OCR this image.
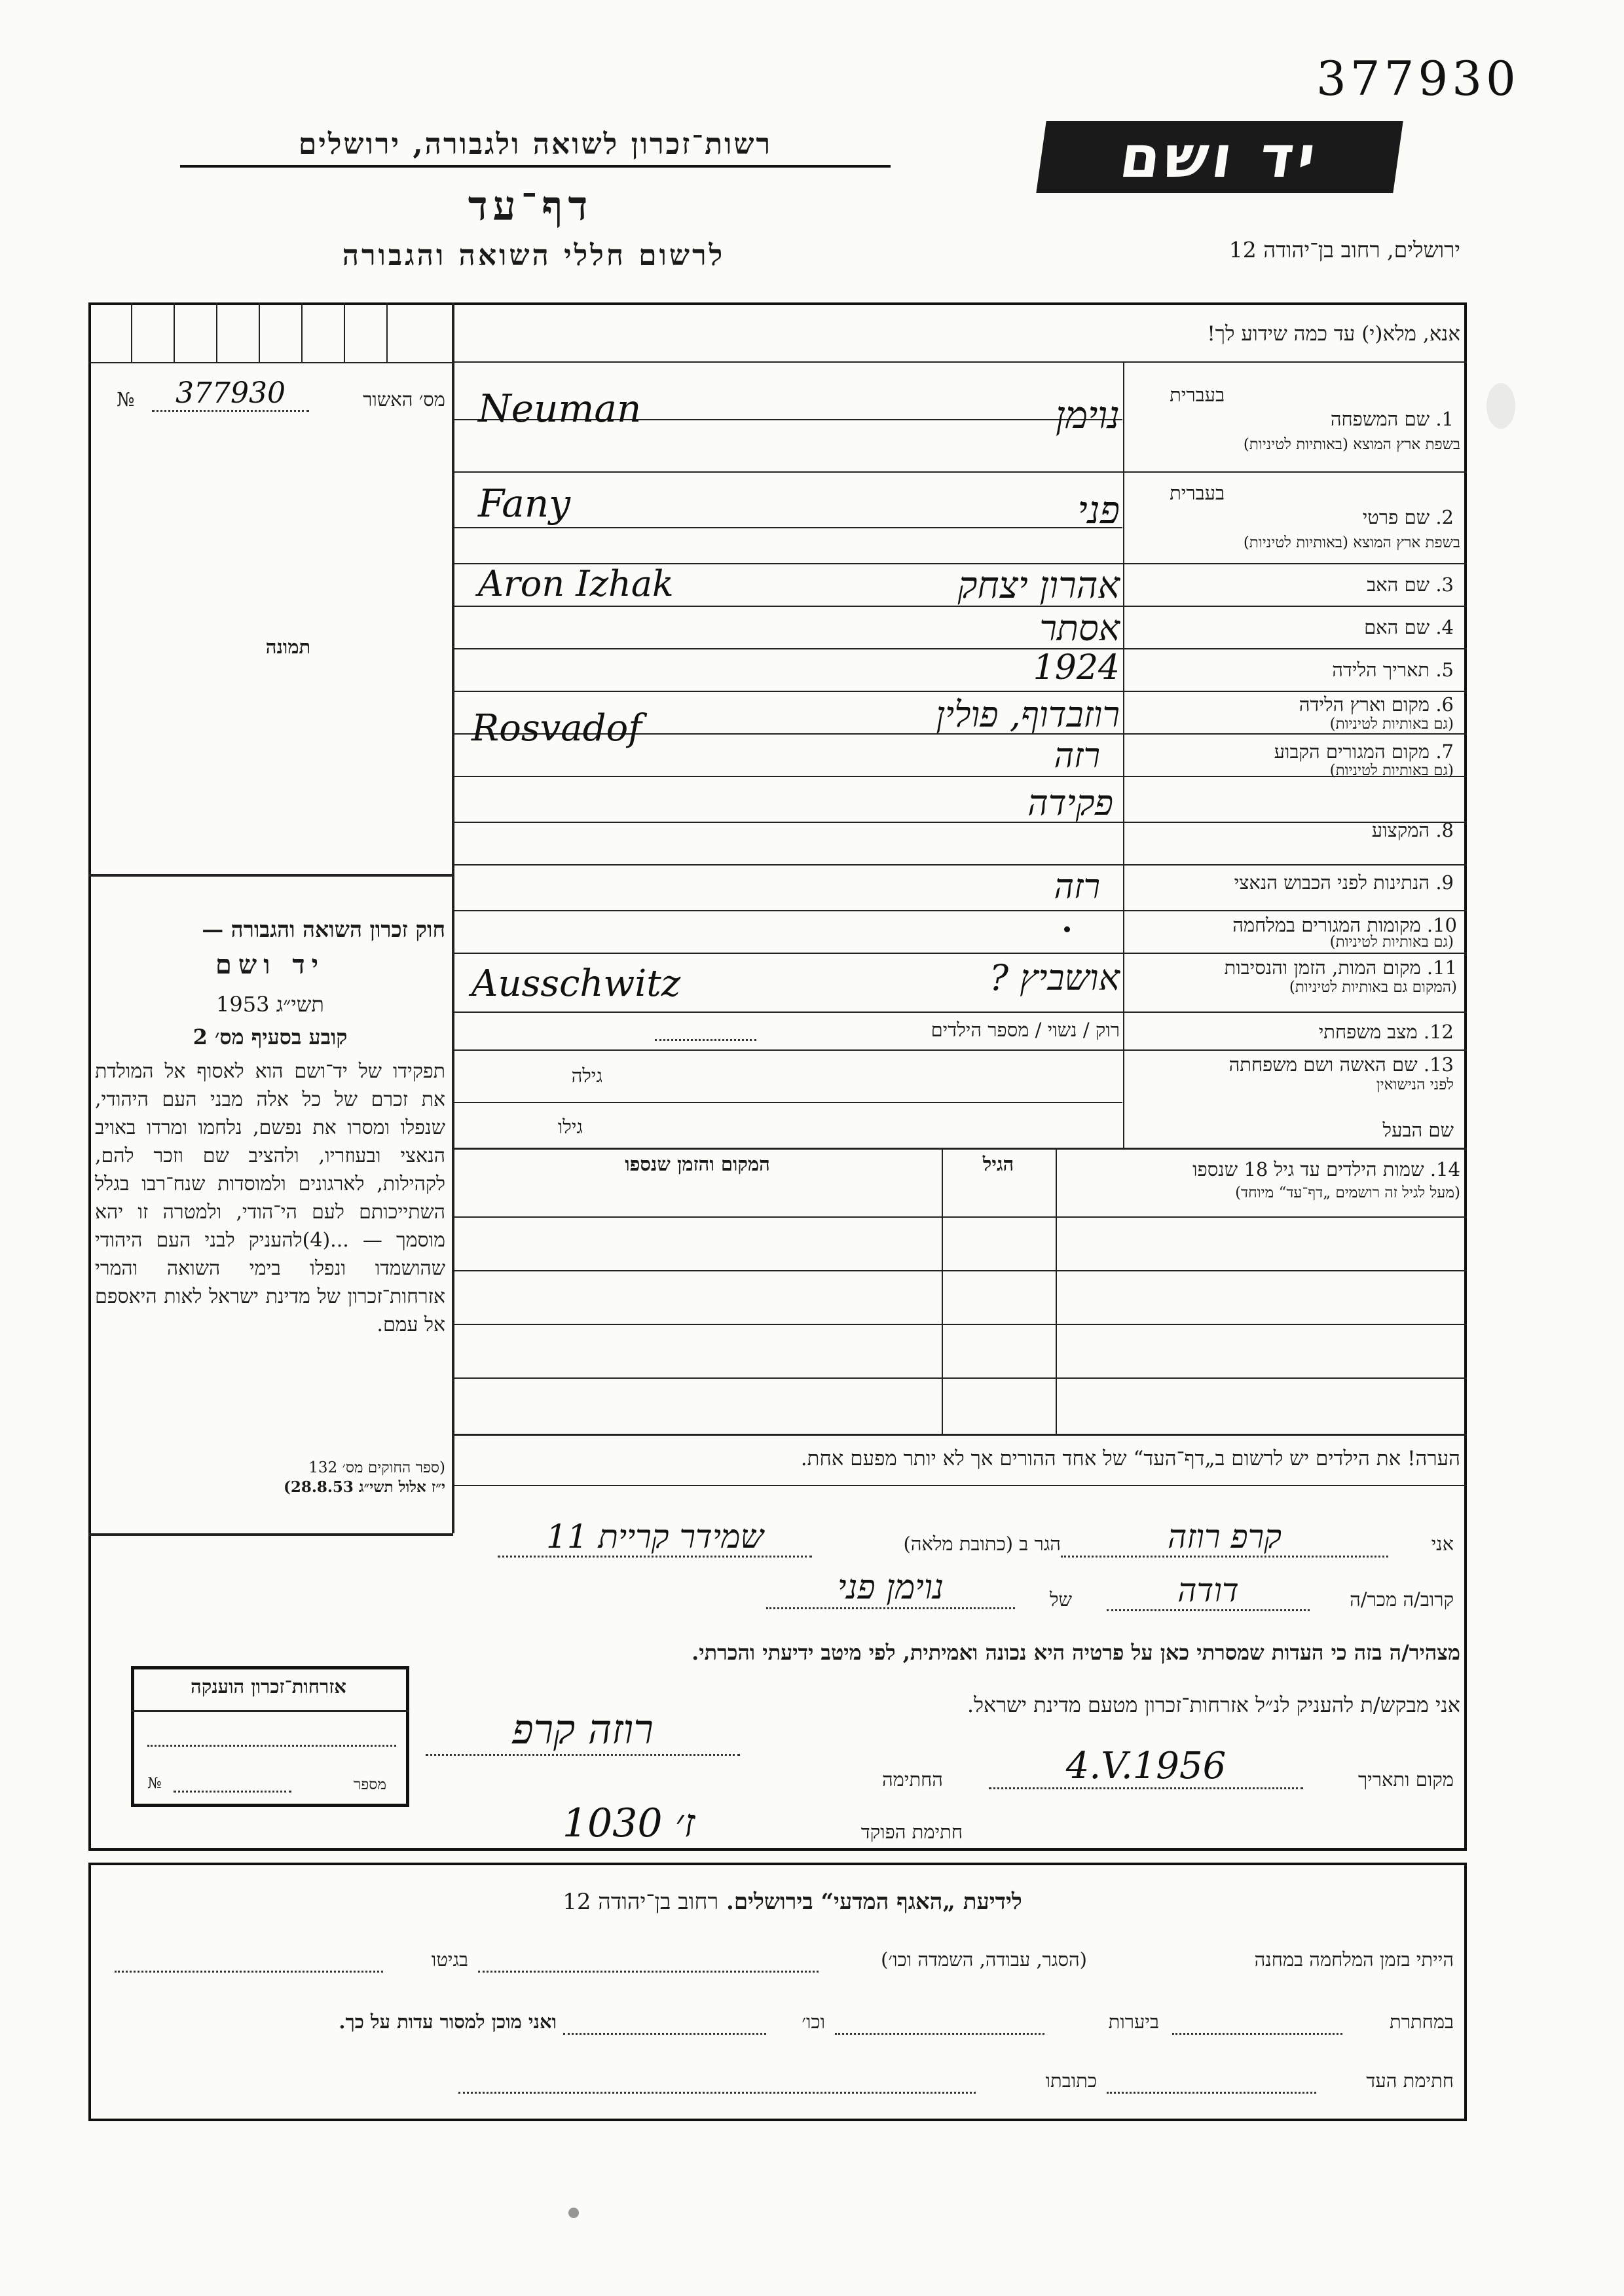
377930
רשות־זכרון לשואה ולגבורה, ירושלים
דף־עד
לרשום חללי השואה והגבורה
יד ושם
ירושלים, רחוב בן־יהודה 12
מס׳ האשור
377930
№
תמונה
אנא, מלא(י) עד כמה שידוע לך!
בעברית
1. שם המשפחה
בשפת ארץ המוצא (באותיות לטיניות)
נוימן
Neuman
בעברית
2. שם פרטי
בשפת ארץ המוצא (באותיות לטיניות)
פני
Fany
3. שם האב
אהרון יצחק
Aron Izhak
4. שם האם
אסתר
5. תאריך הלידה
1924
6. מקום וארץ הלידה
(גם באותיות לטיניות)
רוזבדוף, פולין
Rosvadof
7. מקום המגורים הקבוע
(גם באותיות לטיניות)
רזה
8. המקצוע
פקידה
9. הנתינות לפני הכבוש הנאצי
רזה
10. מקומות המגורים במלחמה
(גם באותיות לטיניות)
11. מקום המות, הזמן והנסיבות
(המקום גם באותיות לטיניות)
אושביץ ?
Ausschwitz
12. מצב משפחתי
רוק / נשוי / מספר הילדים
13. שם האשה ושם משפחתה
לפני הנישואין
גילה
שם הבעל
גילו
14. שמות הילדים עד גיל 18 שנספו
(מעל לגיל זה רושמים „דף־עד“ מיוחד)
הגיל
המקום והזמן שנספו
חוק זכרון השואה והגבורה —
יד ושם
תשי״ג 1953
קובע בסעיף מס׳ 2
תפקידו של יד־ושם הוא לאסוף אל המולדת את זכרם של כל אלה מבני העם היהודי, שנפלו ומסרו את נפשם, נלחמו ומרדו באויב הנאצי ובעוזריו, ולהציב שם וזכר להם, לקהילות, לארגונים ולמוסדות שנח־רבו בגלל השתייכותם לעם הי־הודי, ולמטרה זו יהא מוסמך — ...(4)להעניק לבני העם היהודי שהושמדו ונפלו בימי השואה והמרי אזרחות־זכרון של מדינת ישראל לאות היאספם אל עמם.
(ספר החוקים מס׳ 132
י״ז אלול תשי״ג 28.8.53)
הערה! את הילדים יש לרשום ב„דף־העד“ של אחד ההורים אך לא יותר מפעם אחת.
אני
קרפ רוזה
הגר ב (כתובת מלאה)
שמידר קריית 11
קרוב/ה מכר/ה
דודה
של
נוימן פני
מצהיר/ה בזה כי העדות שמסרתי כאן על פרטיה היא נכונה ואמיתית, לפי מיטב ידיעתי והכרתי.
אני מבקש/ת להעניק לנ״ל אזרחות־זכרון מטעם מדינת ישראל.
מקום ותאריך
4.V.1956
החתימה
רוזה קרפ
חתימת הפוקד
ז׳ 1030
אזרחות־זכרון הוענקה
№	מספר
לידיעת „האגף המדעי“ בירושלים. רחוב בן־יהודה 12
הייתי בזמן המלחמה במחנה
(הסגר, עבודה, השמדה וכו׳)
בגיטו
במחתרת
ביערות
וכו׳
ואני מוכן למסור עדות על כך.
חתימת העד
כתובתו
